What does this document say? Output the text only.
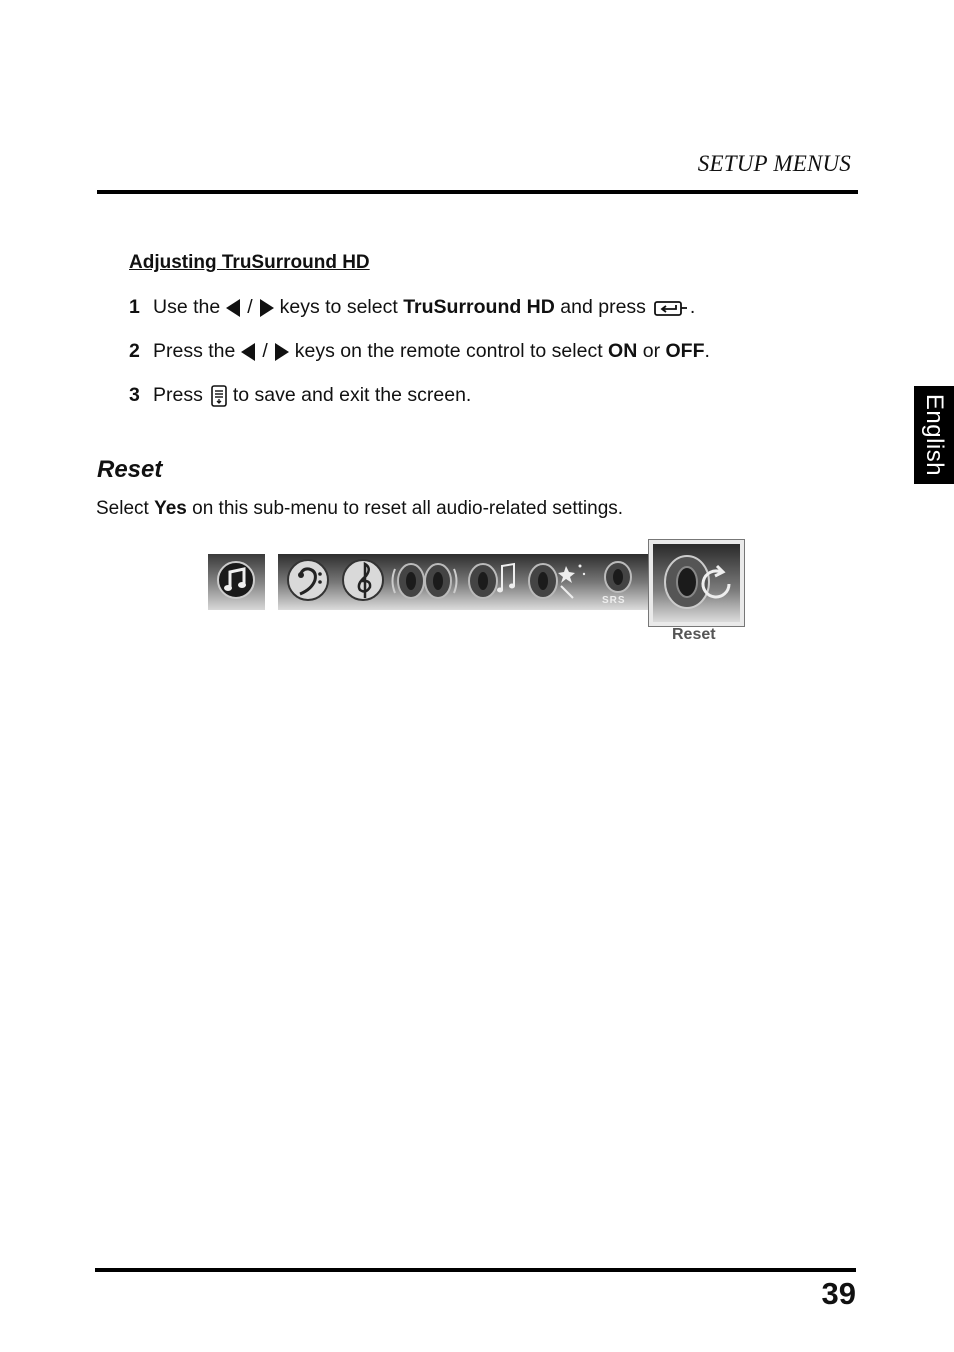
SETUP MENUS
English
Adjusting TruSurround HD
1 Use the / keys to select
TruSurround HD
and press .
2 Press the / keys on the remote control to select
ON
or
OFF .
3 Press to save and exit the screen.
Reset
Select Yes on this sub-menu to reset all audio-related settings.
SRS
Reset
39
